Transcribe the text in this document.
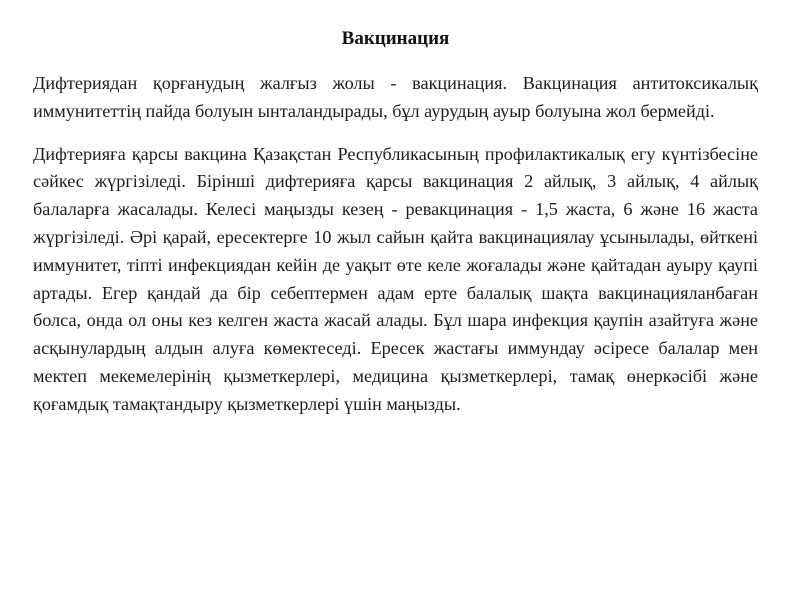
Вакцинация

Дифтериядан қорғанудың жалғыз жолы - вакцинация. Вакцинация антитоксикалық иммунитеттің пайда болуын ынталандырады, бұл аурудың ауыр болуына жол бермейді.

Дифтерияға қарсы вакцина Қазақстан Республикасының профилактикалық егу күнтізбесіне сәйкес жүргізіледі. Бірінші дифтерияға қарсы вакцинация 2 айлық, 3 айлық, 4 айлық балаларға жасалады. Келесі маңызды кезең - ревакцинация - 1,5 жаста, 6 және 16 жаста жүргізіледі. Әрі қарай, ересектерге 10 жыл сайын қайта вакцинациялау ұсынылады, өйткені иммунитет, тіпті инфекциядан кейін де уақыт өте келе жоғалады және қайтадан ауыру қаупі артады. Егер қандай да бір себептермен адам ерте балалық шақта вакцинацияланбаған болса, онда ол оны кез келген жаста жасай алады. Бұл шара инфекция қаупін азайтуға және асқынулардың алдын алуға көмектеседі. Ересек жастағы иммундау әсіресе балалар мен мектеп мекемелерінің қызметкерлері, медицина қызметкерлері, тамақ өнеркәсібі және қоғамдық тамақтандыру қызметкерлері үшін маңызды.
